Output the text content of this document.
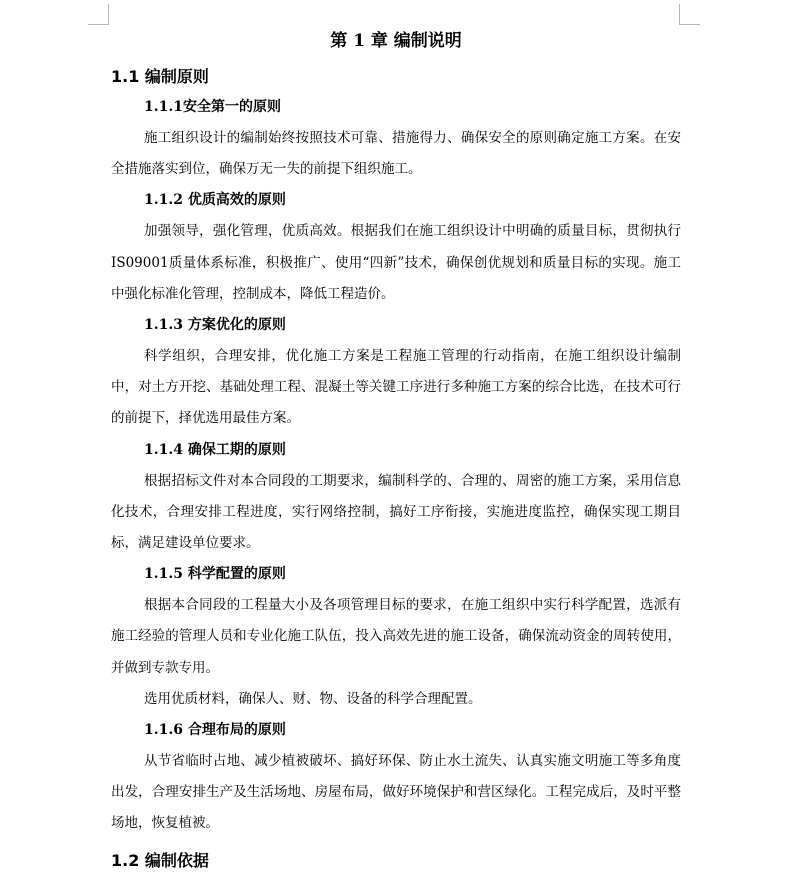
第 1 章 编制说明
1.1 编制原则
1.1.1安全第一的原则

施工组织设计的编制始终按照技术可靠、措施得力、确保安全的原则确定施工方案。在安全措施落实到位，确保万无一失的前提下组织施工。

1.1.2 优质高效的原则

加强领导，强化管理，优质高效。根据我们在施工组织设计中明确的质量目标，贯彻执行IS09001质量体系标准，积极推广、使用“四新”技术，确保创优规划和质量目标的实现。施工中强化标准化管理，控制成本，降低工程造价。

1.1.3 方案优化的原则

科学组织，合理安排，优化施工方案是工程施工管理的行动指南，在施工组织设计编制中，对土方开挖、基础处理工程、混凝土等关键工序进行多种施工方案的综合比选，在技术可行的前提下，择优选用最佳方案。

1.1.4 确保工期的原则

根据招标文件对本合同段的工期要求，编制科学的、合理的、周密的施工方案，采用信息化技术，合理安排工程进度，实行网络控制，搞好工序衔接，实施进度监控，确保实现工期目标，满足建设单位要求。

1.1.5 科学配置的原则

根据本合同段的工程量大小及各项管理目标的要求，在施工组织中实行科学配置，选派有施工经验的管理人员和专业化施工队伍，投入高效先进的施工设备，确保流动资金的周转使用，并做到专款专用。

选用优质材料，确保人、财、物、设备的科学合理配置。

1.1.6 合理布局的原则

从节省临时占地、减少植被破坏、搞好环保、防止水土流失、认真实施文明施工等多角度出发，合理安排生产及生活场地、房屋布局，做好环境保护和营区绿化。工程完成后，及时平整场地，恢复植被。

1.2 编制依据
